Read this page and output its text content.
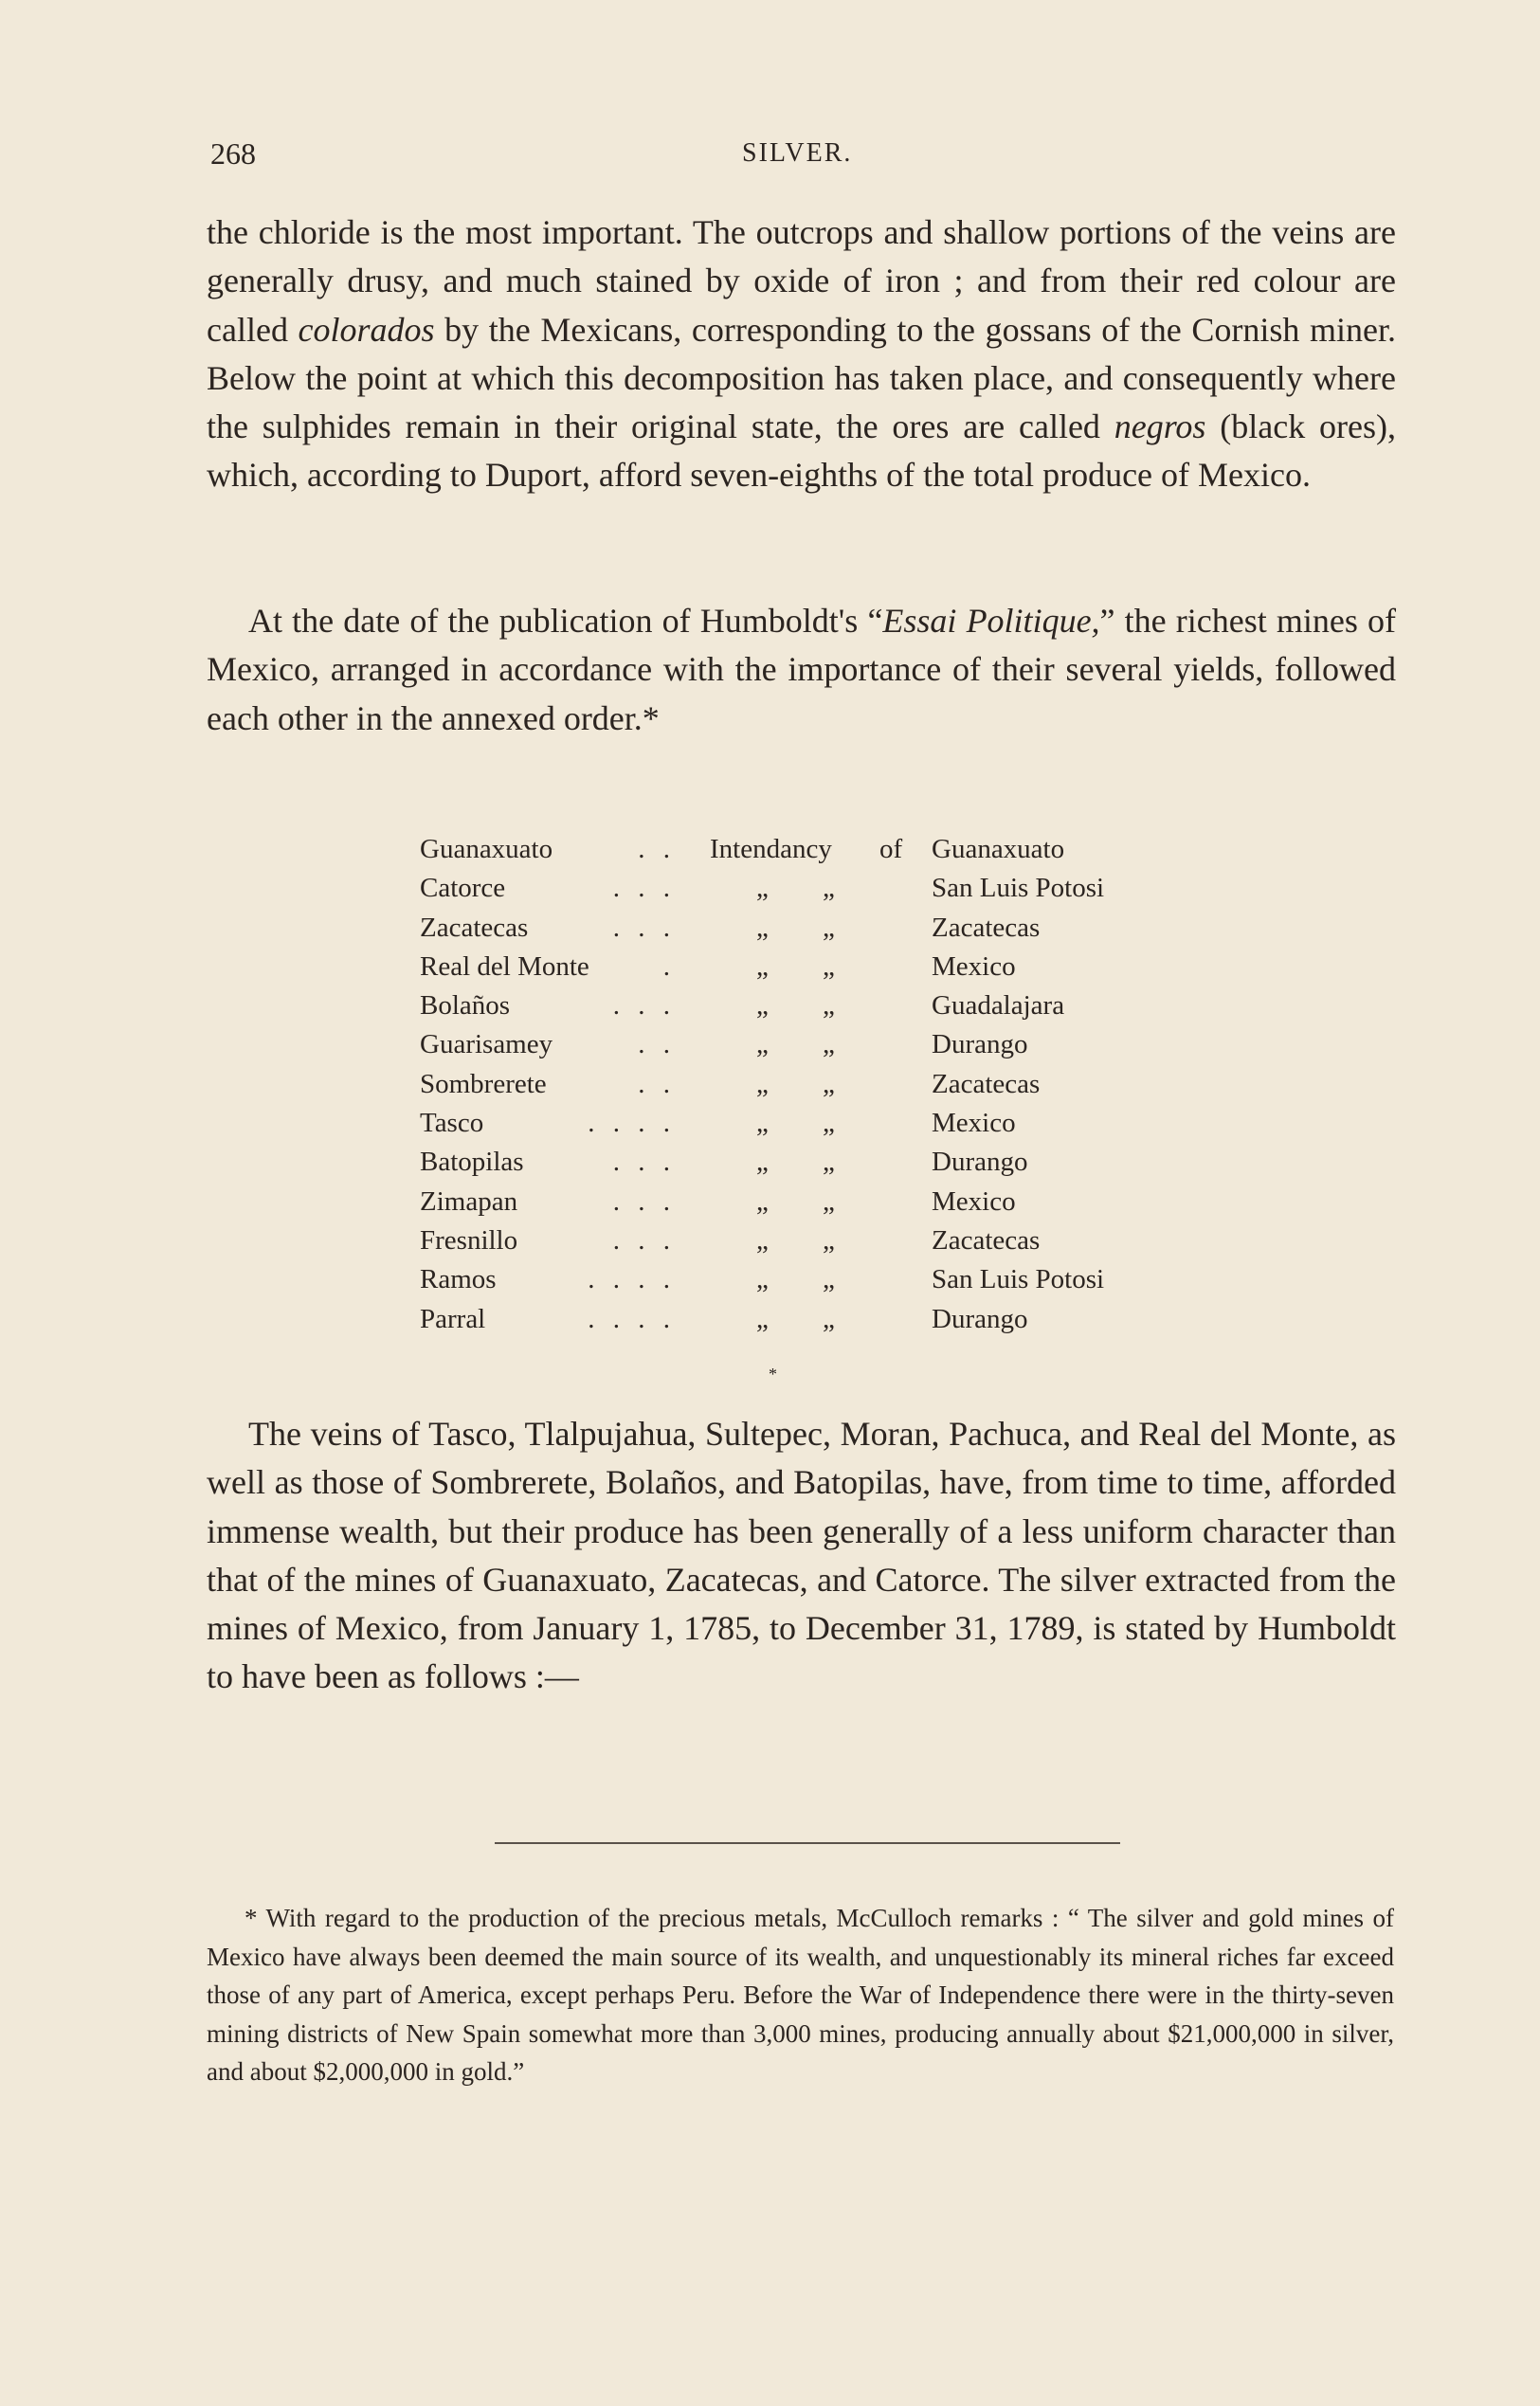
268	SILVER.

the chloride is the most important. The outcrops and shallow portions of the veins are generally drusy, and much stained by oxide of iron ; and from their red colour are called colorados by the Mexicans, corresponding to the gossans of the Cornish miner. Below the point at which this decomposition has taken place, and consequently where the sulphides remain in their original state, the ores are called negros (black ores), which, according to Duport, afford seven-eighths of the total produce of Mexico.

At the date of the publication of Humboldt's “Essai Politique,” the richest mines of Mexico, arranged in accordance with the importance of their several yields, followed each other in the annexed order.*

Guanaxuato	. . Intendancy of Guanaxuato
Catorce	. . .	„ „	San Luis Potosi
Zacatecas	. . .	„ „	Zacatecas
Real del Monte	.	„ „	Mexico
Bolaños	. . .	„ „	Guadalajara
Guarisamey	. .	„ „	Durango
Sombrerete	. .	„ „	Zacatecas
Tasco	. . . .	„ „	Mexico
Batopilas	. . .	„ „	Durango
Zimapan	. . .	„ „	Mexico
Fresnillo	. . .	„ „	Zacatecas
Ramos	. . . .	„ „	San Luis Potosi
Parral	. . . .	„ „	Durango
*

The veins of Tasco, Tlalpujahua, Sultepec, Moran, Pachuca, and Real del Monte, as well as those of Sombrerete, Bolaños, and Batopilas, have, from time to time, afforded immense wealth, but their produce has been generally of a less uniform character than that of the mines of Guanaxuato, Zacatecas, and Catorce. The silver extracted from the mines of Mexico, from January 1, 1785, to December 31, 1789, is stated by Humboldt to have been as follows :—

* With regard to the production of the precious metals, McCulloch remarks : “ The silver and gold mines of Mexico have always been deemed the main source of its wealth, and unquestionably its mineral riches far exceed those of any part of America, except perhaps Peru. Before the War of Independence there were in the thirty-seven mining districts of New Spain somewhat more than 3,000 mines, producing annually about $21,000,000 in silver, and about $2,000,000 in gold.”
